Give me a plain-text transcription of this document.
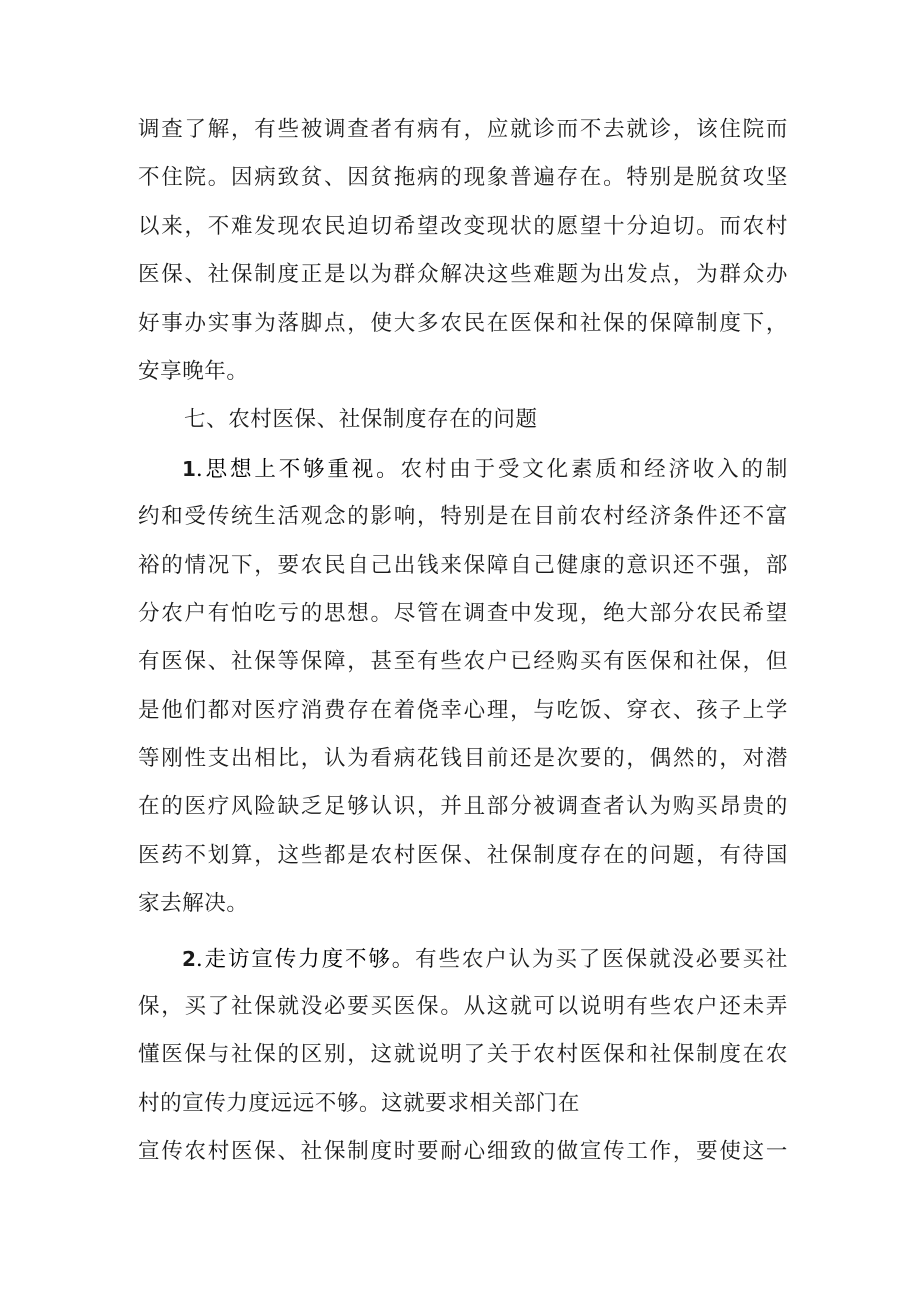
调查了解，有些被调查者有病有，应就诊而不去就诊，该住院而
不住院。因病致贫、因贫拖病的现象普遍存在。特别是脱贫攻坚
以来，不难发现农民迫切希望改变现状的愿望十分迫切。而农村
医保、社保制度正是以为群众解决这些难题为出发点，为群众办
好事办实事为落脚点，使大多农民在医保和社保的保障制度下，
安享晚年。
七、农村医保、社保制度存在的问题
1.思想上不够重视。农村由于受文化素质和经济收入的制
约和受传统生活观念的影响，特别是在目前农村经济条件还不富
裕的情况下，要农民自己出钱来保障自己健康的意识还不强，部
分农户有怕吃亏的思想。尽管在调查中发现，绝大部分农民希望
有医保、社保等保障，甚至有些农户已经购买有医保和社保，但
是他们都对医疗消费存在着侥幸心理，与吃饭、穿衣、孩子上学
等刚性支出相比，认为看病花钱目前还是次要的，偶然的，对潜
在的医疗风险缺乏足够认识，并且部分被调查者认为购买昂贵的
医药不划算，这些都是农村医保、社保制度存在的问题，有待国
家去解决。
2.走访宣传力度不够。有些农户认为买了医保就没必要买社
保，买了社保就没必要买医保。从这就可以说明有些农户还未弄
懂医保与社保的区别，这就说明了关于农村医保和社保制度在农
村的宣传力度远远不够。这就要求相关部门在
宣传农村医保、社保制度时要耐心细致的做宣传工作，要使这一
